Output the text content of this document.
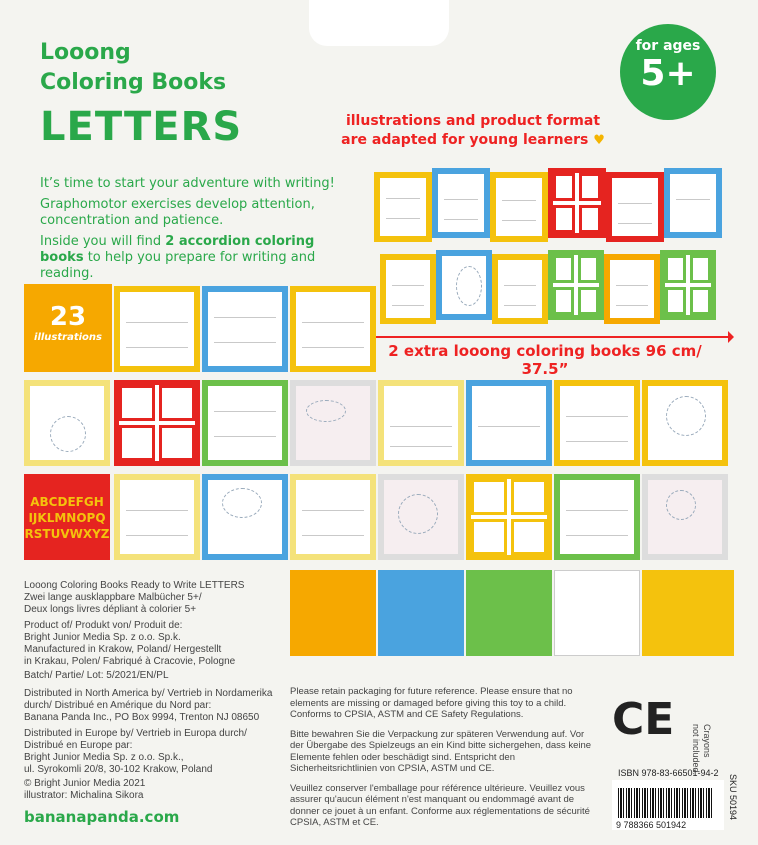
Looong
Coloring Books
LETTERS
for ages
5+
illustrations and product format
are adapted for young learners ♥

It’s time to start your adventure with writing!

Graphomotor exercises develop attention, concentration and patience.

Inside you will find 2 accordion coloring books to help you prepare for writing and reading.

2 extra looong coloring books 96 cm/ 37.5”
23
illustrations
ABCDEFGH
IJKLMNOPQ
RSTUVWXYZ
Looong Coloring Books Ready to Write LETTERS
Zwei lange ausklappbare Malbücher 5+/
Deux longs livres dépliant à colorier 5+
Product of/ Produkt von/ Produit de:
Bright Junior Media Sp. z o.o. Sp.k.
Manufactured in Krakow, Poland/ Hergestellt
in Krakau, Polen/ Fabriqué à Cracovie, Pologne
Batch/ Partie/ Lot: 5/2021/EN/PL
Distributed in North America by/ Vertrieb in Nordamerika
durch/ Distribué en Amérique du Nord par:
Banana Panda Inc., PO Box 9994, Trenton NJ 08650
Distributed in Europe by/ Vertrieb in Europa durch/
Distribué en Europe par:
Bright Junior Media Sp. z o.o. Sp.k.,
ul. Syrokomli 20/8, 30-102 Krakow, Poland
© Bright Junior Media 2021
illustrator: Michalina Sikora
bananapanda.com

Please retain packaging for future reference. Please ensure that no elements are missing or damaged before giving this toy to a child. Conforms to CPSIA, ASTM and CE Safety Regulations.

Bitte bewahren Sie die Verpackung zur späteren Verwendung auf. Vor der Übergabe des Spielzeugs an ein Kind bitte sichergehen, dass keine Elemente fehlen oder beschädigt sind. Entspricht den Sicherheitsrichtlinien von CPSIA, ASTM und CE.

Veuillez conserver l'emballage pour référence ultérieure. Veuillez vous assurer qu'aucun élément n'est manquant ou endommagé avant de donner ce jouet à un enfant. Conforme aux réglementations de sécurité CPSIA, ASTM et CE.

CE	Crayons
not included.
ISBN 978-83-66501-94-2
9 788366 501942
SKU 50194
